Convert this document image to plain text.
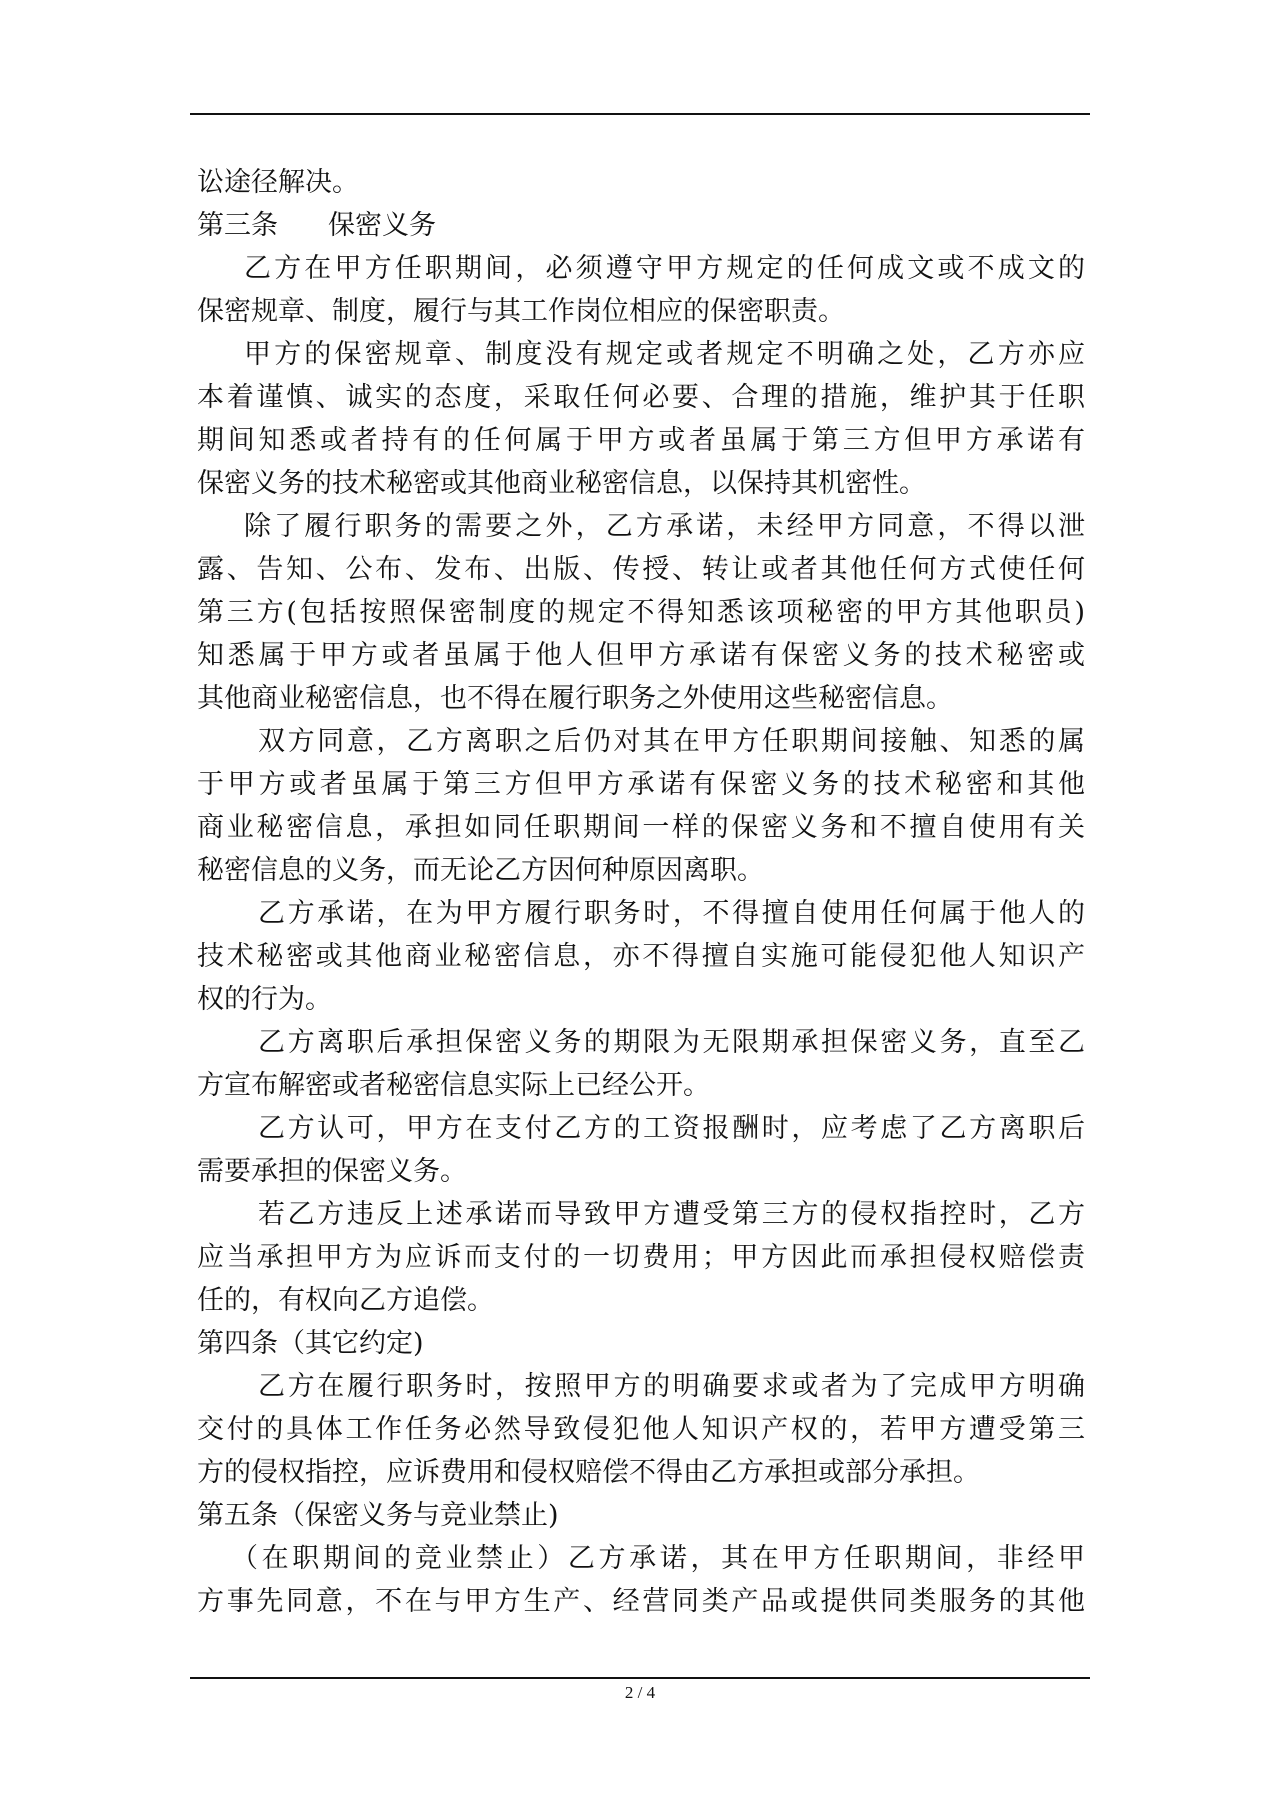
讼途径解决。
第三条 保密义务
乙方在甲方任职期间，必须遵守甲方规定的任何成文或不成文的
保密规章、制度，履行与其工作岗位相应的保密职责。
甲方的保密规章、制度没有规定或者规定不明确之处，乙方亦应
本着谨慎、诚实的态度，采取任何必要、合理的措施，维护其于任职
期间知悉或者持有的任何属于甲方或者虽属于第三方但甲方承诺有
保密义务的技术秘密或其他商业秘密信息，以保持其机密性。
除了履行职务的需要之外，乙方承诺，未经甲方同意，不得以泄
露、告知、公布、发布、出版、传授、转让或者其他任何方式使任何
第三方(包括按照保密制度的规定不得知悉该项秘密的甲方其他职员)
知悉属于甲方或者虽属于他人但甲方承诺有保密义务的技术秘密或
其他商业秘密信息，也不得在履行职务之外使用这些秘密信息。
双方同意，乙方离职之后仍对其在甲方任职期间接触、知悉的属
于甲方或者虽属于第三方但甲方承诺有保密义务的技术秘密和其他
商业秘密信息，承担如同任职期间一样的保密义务和不擅自使用有关
秘密信息的义务，而无论乙方因何种原因离职。
乙方承诺，在为甲方履行职务时，不得擅自使用任何属于他人的
技术秘密或其他商业秘密信息，亦不得擅自实施可能侵犯他人知识产
权的行为。
乙方离职后承担保密义务的期限为无限期承担保密义务，直至乙
方宣布解密或者秘密信息实际上已经公开。
乙方认可，甲方在支付乙方的工资报酬时，应考虑了乙方离职后
需要承担的保密义务。
若乙方违反上述承诺而导致甲方遭受第三方的侵权指控时，乙方
应当承担甲方为应诉而支付的一切费用；甲方因此而承担侵权赔偿责
任的，有权向乙方追偿。
第四条（其它约定)
乙方在履行职务时，按照甲方的明确要求或者为了完成甲方明确
交付的具体工作任务必然导致侵犯他人知识产权的，若甲方遭受第三
方的侵权指控，应诉费用和侵权赔偿不得由乙方承担或部分承担。
第五条（保密义务与竞业禁止)
（在职期间的竞业禁止）乙方承诺，其在甲方任职期间，非经甲
方事先同意，不在与甲方生产、经营同类产品或提供同类服务的其他
2 / 4
